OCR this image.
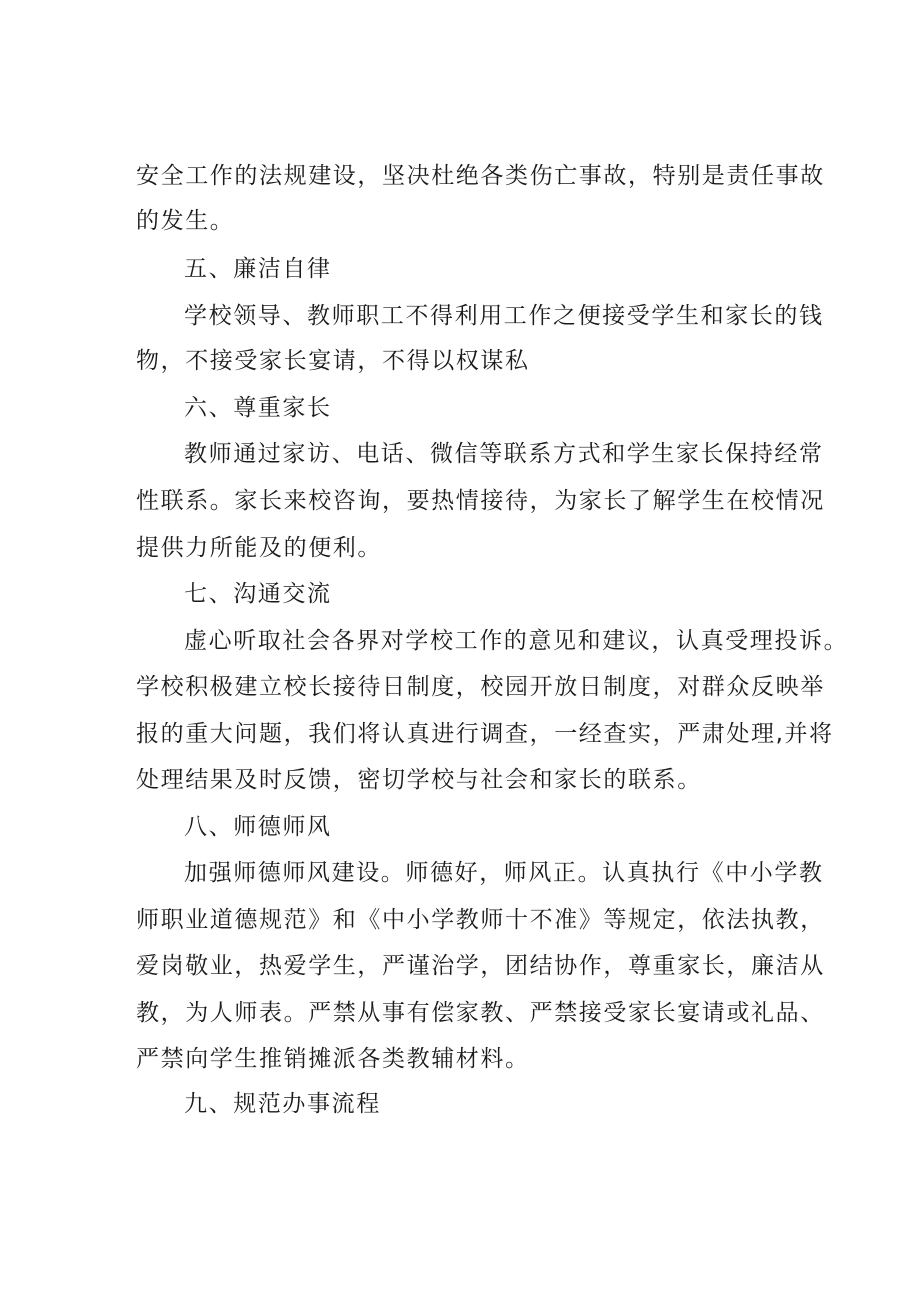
安全工作的法规建设，坚决杜绝各类伤亡事故，特别是责任事故
的发生。
五、廉洁自律
学校领导、教师职工不得利用工作之便接受学生和家长的钱
物，不接受家长宴请，不得以权谋私
六、尊重家长
教师通过家访、电话、微信等联系方式和学生家长保持经常
性联系。家长来校咨询，要热情接待，为家长了解学生在校情况
提供力所能及的便利。
七、沟通交流
虚心听取社会各界对学校工作的意见和建议，认真受理投诉。
学校积极建立校长接待日制度，校园开放日制度，对群众反映举
报的重大问题，我们将认真进行调查，一经查实，严肃处理,并将
处理结果及时反馈，密切学校与社会和家长的联系。
八、师德师风
加强师德师风建设。师德好，师风正。认真执行《中小学教
师职业道德规范》和《中小学教师十不准》等规定，依法执教，
爱岗敬业，热爱学生，严谨治学，团结协作，尊重家长，廉洁从
教，为人师表。严禁从事有偿家教、严禁接受家长宴请或礼品、
严禁向学生推销摊派各类教辅材料。
九、规范办事流程
